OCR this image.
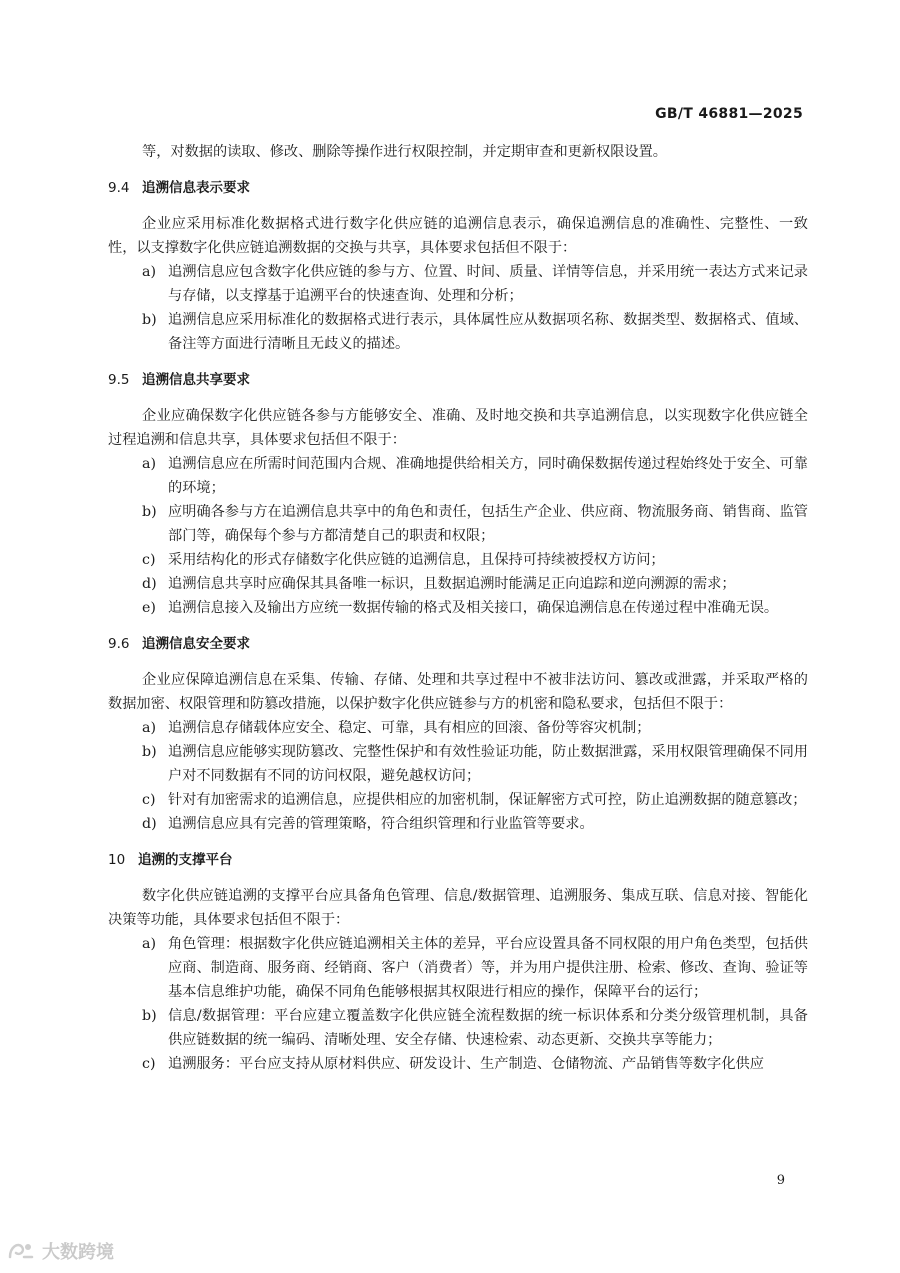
GB/T 46881—2025

等，对数据的读取、修改、删除等操作进行权限控制，并定期审查和更新权限设置。

9.4 追溯信息表示要求

企业应采用标准化数据格式进行数字化供应链的追溯信息表示，确保追溯信息的准确性、完整性、一致性，以支撑数字化供应链追溯数据的交换与共享，具体要求包括但不限于：

a) 追溯信息应包含数字化供应链的参与方、位置、时间、质量、详情等信息，并采用统一表达方式来记录与存储，以支撑基于追溯平台的快速查询、处理和分析；
b) 追溯信息应采用标准化的数据格式进行表示，具体属性应从数据项名称、数据类型、数据格式、值域、备注等方面进行清晰且无歧义的描述。
9.5 追溯信息共享要求

企业应确保数字化供应链各参与方能够安全、准确、及时地交换和共享追溯信息，以实现数字化供应链全过程追溯和信息共享，具体要求包括但不限于：

a) 追溯信息应在所需时间范围内合规、准确地提供给相关方，同时确保数据传递过程始终处于安全、可靠的环境；
b) 应明确各参与方在追溯信息共享中的角色和责任，包括生产企业、供应商、物流服务商、销售商、监管部门等，确保每个参与方都清楚自己的职责和权限；
c) 采用结构化的形式存储数字化供应链的追溯信息，且保持可持续被授权方访问；
d) 追溯信息共享时应确保其具备唯一标识，且数据追溯时能满足正向追踪和逆向溯源的需求；
e) 追溯信息接入及输出方应统一数据传输的格式及相关接口，确保追溯信息在传递过程中准确无误。
9.6 追溯信息安全要求

企业应保障追溯信息在采集、传输、存储、处理和共享过程中不被非法访问、篡改或泄露，并采取严格的数据加密、权限管理和防篡改措施，以保护数字化供应链参与方的机密和隐私要求，包括但不限于：

a) 追溯信息存储载体应安全、稳定、可靠，具有相应的回滚、备份等容灾机制；
b) 追溯信息应能够实现防篡改、完整性保护和有效性验证功能，防止数据泄露，采用权限管理确保不同用户对不同数据有不同的访问权限，避免越权访问；
c) 针对有加密需求的追溯信息，应提供相应的加密机制，保证解密方式可控，防止追溯数据的随意篡改；
d) 追溯信息应具有完善的管理策略，符合组织管理和行业监管等要求。
10 追溯的支撑平台

数字化供应链追溯的支撑平台应具备角色管理、信息/数据管理、追溯服务、集成互联、信息对接、智能化决策等功能，具体要求包括但不限于：

a) 角色管理：根据数字化供应链追溯相关主体的差异，平台应设置具备不同权限的用户角色类型，包括供应商、制造商、服务商、经销商、客户（消费者）等，并为用户提供注册、检索、修改、查询、验证等基本信息维护功能，确保不同角色能够根据其权限进行相应的操作，保障平台的运行；
b) 信息/数据管理：平台应建立覆盖数字化供应链全流程数据的统一标识体系和分类分级管理机制，具备供应链数据的统一编码、清晰处理、安全存储、快速检索、动态更新、交换共享等能力；
c) 追溯服务：平台应支持从原材料供应、研发设计、生产制造、仓储物流、产品销售等数字化供应
9
大数跨境
